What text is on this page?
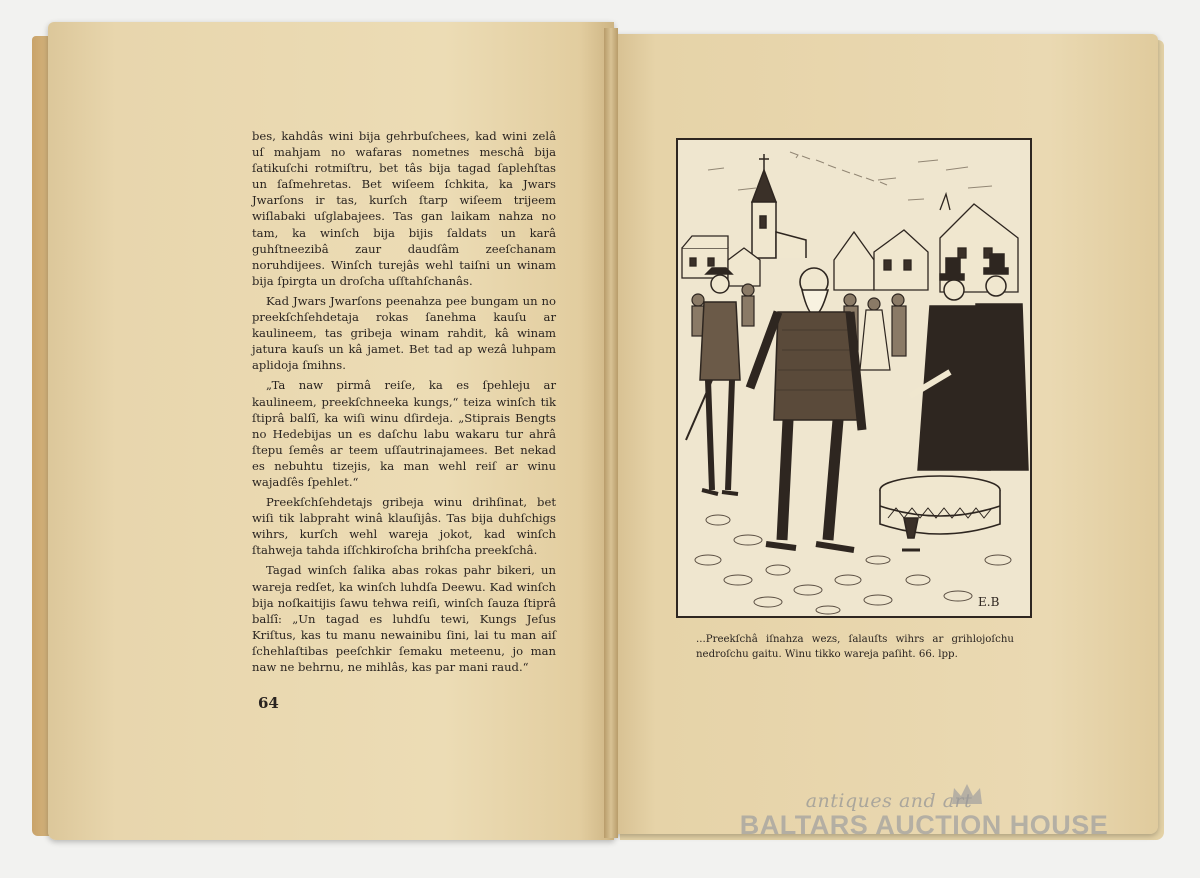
bes, kahdâs wini bija gehrbuſchees, kad wini zelâ uſ mahjam no wafaras nometnes meschâ bija ſatikuſchi rotmiſtru, bet tâs bija tagad ſaplehſtas un ſaſmehretas. Bet wiſeem ſchkita, ka Jwars Jwarſons ir tas, kurſch ſtarp wiſeem trijeem wiſlabaki uſglabajees. Tas gan laikam nahza no tam, ka winſch bija bijis ſaldats un karâ guhſtneezibâ zaur daudſâm zeeſchanam noruhdijees. Winſch turejâs wehl taiſni un winam bija ſpirgta un droſcha uſſtahſchanâs.

Kad Jwars Jwarſons peenahza pee bungam un no preekſchſehdetaja rokas ſanehma kauſu ar kaulineem, tas gribeja winam rahdit, kâ winam jatura kauſs un kâ jamet. Bet tad ap wezâ luhpam aplidoja ſmihns.

„Ta naw pirmâ reiſe, ka es ſpehleju ar kaulineem, preekſchneeka kungs,“ teiza winſch tik ſtiprâ balſî, ka wiſi winu dſirdeja. „Stiprais Bengts no Hedebijas un es daſchu labu wakaru tur ahrâ ſtepu ſemês ar teem uſſautrinajamees. Bet nekad es nebuhtu tizejis, ka man wehl reiſ ar winu wajadſês ſpehlet.“

Preekſchſehdetajs gribeja winu drihſinat, bet wiſi tik labpraht winâ klauſijâs. Tas bija duhſchigs wihrs, kurſch wehl wareja jokot, kad winſch ſtahweja tahda iſſchkiroſcha brihſcha preekſchâ.

Tagad winſch ſalika abas rokas pahr bikeri, un wareja redſet, ka winſch luhdſa Deewu. Kad winſch bija noſkaitijis ſawu tehwa reiſi, winſch ſauza ſtiprâ balſî: „Un tagad es luhdſu tewi, Kungs Jeſus Kriſtus, kas tu manu newainibu ſini, lai tu man aiſ ſchehlaſtibas peeſchkir ſemaku meteenu, jo man naw ne behrnu, ne mihlâs, kas par mani raud.“

64
E.B
...Preekſchâ iſnahza wezs, ſalauſts wihrs ar grihlojoſchu nedroſchu gaitu. Winu tikko wareja paſiht. 66. lpp.
antiques and art
BALTARS AUCTION HOUSE
